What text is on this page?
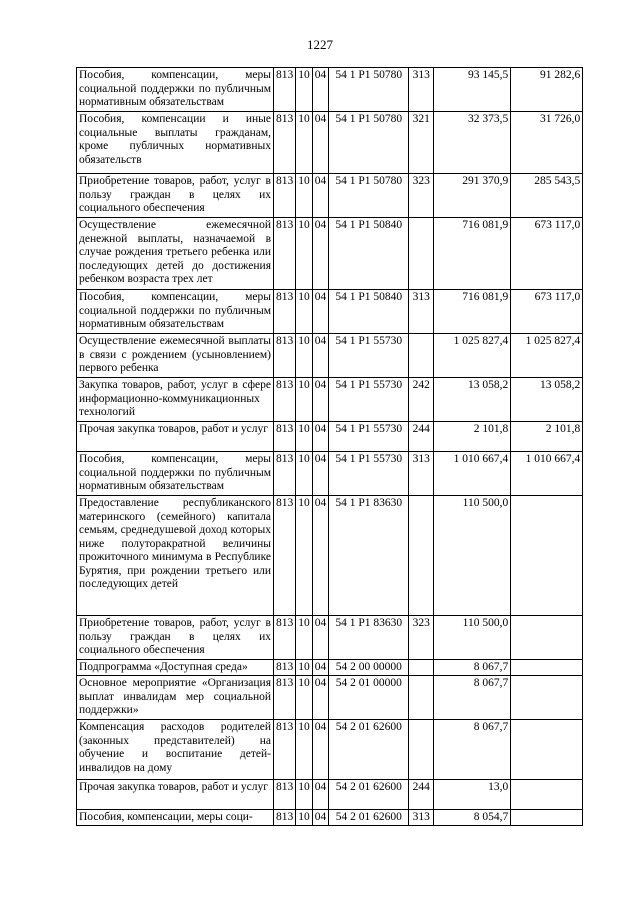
1227
Пособия, компенсации, меры социальной поддержки по публичным нормативным обязательствам	813	10	04	54 1 P1 50780	313	93 145,5	91 282,6
Пособия, компенсации и иные социальные выплаты гражданам, кроме публичных нормативных обязательств	813	10	04	54 1 P1 50780	321	32 373,5	31 726,0
Приобретение товаров, работ, услуг в пользу граждан в целях их социального обеспечения	813	10	04	54 1 P1 50780	323	291 370,9	285 543,5
Осуществление ежемесячной денежной выплаты, назначаемой в случае рождения третьего ребенка или последующих детей до достижения ребенком возраста трех лет	813	10	04	54 1 P1 50840		716 081,9	673 117,0
Пособия, компенсации, меры социальной поддержки по публичным нормативным обязательствам	813	10	04	54 1 P1 50840	313	716 081,9	673 117,0
Осуществление ежемесячной выплаты в связи с рождением (усыновлением) первого ребенка	813	10	04	54 1 P1 55730		1 025 827,4	1 025 827,4
Закупка товаров, работ, услуг в сфере информационно-коммуникационных технологий	813	10	04	54 1 P1 55730	242	13 058,2	13 058,2
Прочая закупка товаров, работ и услуг	813	10	04	54 1 P1 55730	244	2 101,8	2 101,8
Пособия, компенсации, меры социальной поддержки по публичным нормативным обязательствам	813	10	04	54 1 P1 55730	313	1 010 667,4	1 010 667,4
Предоставление республиканского материнского (семейного) капитала семьям, среднедушевой доход которых ниже полуторакратной величины прожиточного минимума в Республике Бурятия, при рождении третьего или последующих детей	813	10	04	54 1 P1 83630		110 500,0	
Приобретение товаров, работ, услуг в пользу граждан в целях их социального обеспечения	813	10	04	54 1 P1 83630	323	110 500,0	
Подпрограмма «Доступная среда»	813	10	04	54 2 00 00000		8 067,7	
Основное мероприятие «Организация выплат инвалидам мер социальной поддержки»	813	10	04	54 2 01 00000		8 067,7	
Компенсация расходов родителей (законных представителей) на обучение и воспитание детей-инвалидов на дому	813	10	04	54 2 01 62600		8 067,7	
Прочая закупка товаров, работ и услуг	813	10	04	54 2 01 62600	244	13,0	
Пособия, компенсации, меры соци-	813	10	04	54 2 01 62600	313	8 054,7	
